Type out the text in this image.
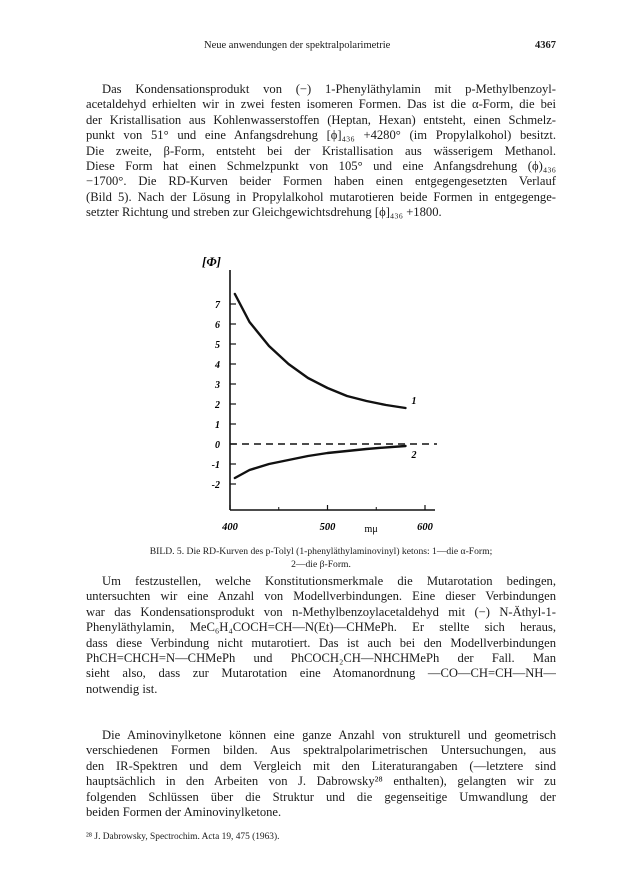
Neue anwendungen der spektralpolarimetrie	4367
Das Kondensationsprodukt von (−) 1-Phenyläthylamin mit p-Methylbenzoyl-
acetaldehyd erhielten wir in zwei festen isomeren Formen. Das ist die α-Form, die bei
der Kristallisation aus Kohlenwasserstoffen (Heptan, Hexan) entsteht, einen Schmelz-
punkt von 51° und eine Anfangsdrehung [ϕ]₄₃₆ +4280° (im Propylalkohol) besitzt.
Die zweite, β-Form, entsteht bei der Kristallisation aus wässerigem Methanol.
Diese Form hat einen Schmelzpunkt von 105° und eine Anfangsdrehung (ϕ)₄₃₆
−1700°. Die RD-Kurven beider Formen haben einen entgegengesetzten Verlauf
(Bild 5). Nach der Lösung in Propylalkohol mutarotieren beide Formen in entgegenge-
setzter Richtung und streben zur Gleichgewichtsdrehung [ϕ]₄₃₆ +1800.
[Φ]
7
6
5
4
3
2
1
0
-1
-2
400	500	600
mμ
1
2
BILD. 5. Die RD-Kurven des p-Tolyl (1-phenyläthylaminovinyl) ketons: 1—die α-Form;
2—die β-Form.
Um festzustellen, welche Konstitutionsmerkmale die Mutarotation bedingen,
untersuchten wir eine Anzahl von Modellverbindungen. Eine dieser Verbindungen
war das Kondensationsprodukt von n-Methylbenzoylacetaldehyd mit (−) N-Äthyl-1-
Phenyläthylamin, MeC₆H₄COCH=CH—N(Et)—CHMePh. Er stellte sich heraus,
dass diese Verbindung nicht mutarotiert. Das ist auch bei den Modellverbindungen
PhCH=CHCH=N—CHMePh und PhCOCH₂CH—NHCHMePh der Fall. Man
sieht also, dass zur Mutarotation eine Atomanordnung —CO—CH=CH—NH—
notwendig ist.
Die Aminovinylketone können eine ganze Anzahl von strukturell und geometrisch
verschiedenen Formen bilden. Aus spektralpolarimetrischen Untersuchungen, aus
den IR-Spektren und dem Vergleich mit den Literaturangaben (—letztere sind
hauptsächlich in den Arbeiten von J. Dabrowsky²⁸ enthalten), gelangten wir zu
folgenden Schlüssen über die Struktur und die gegenseitige Umwandlung der
beiden Formen der Aminovinylketone.
²⁸ J. Dabrowsky, Spectrochim. Acta 19, 475 (1963).
